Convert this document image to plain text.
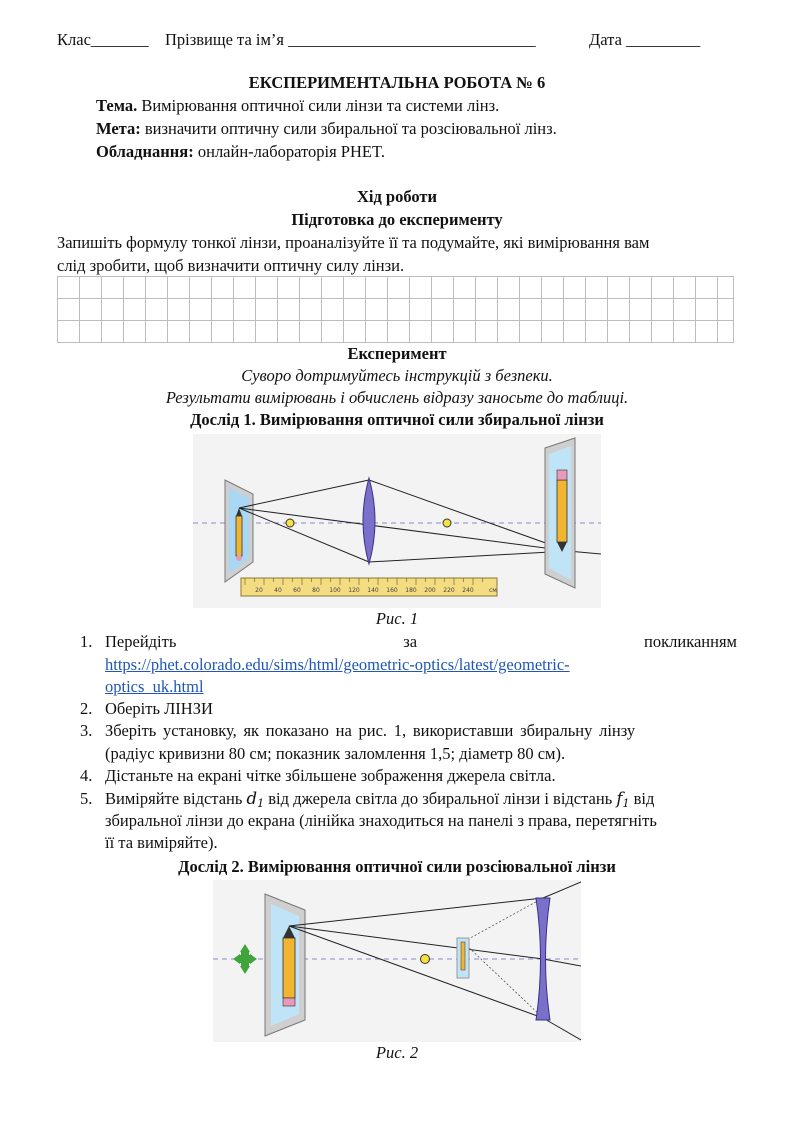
Клас_______ Прізвище та ім’я ______________________________	Дата _________
ЕКСПЕРИМЕНТАЛЬНА РОБОТА № 6
Тема. Вимірювання оптичної сили лінзи та системи лінз.
Мета: визначити оптичну сили збиральної та розсіювальної лінз.
Обладнання: онлайн-лабораторія PHET.
Хід роботи
Підготовка до експерименту
Запишіть формулу тонкої лінзи, проаналізуйте її та подумайте, які вимірювання вам
слід зробити, щоб визначити оптичну силу лінзи.
Експеримент
Суворо дотримуйтесь інструкцій з безпеки.
Результати вимірювань і обчислень відразу заносьте до таблиці.
Дослід 1. Вимірювання оптичної сили збиральної лінзи
20 40 60 80 100 120 140 160 180 200 220 240	см
Рис. 1
1. Перейдіть	за	покликанням
https://phet.colorado.edu/sims/html/geometric-optics/latest/geometric-
optics_uk.html
2. Оберіть ЛІНЗИ
3. Зберіть установку, як показано на рис. 1, використавши збиральну лінзу
(радіус кривизни 80 см; показник заломлення 1,5; діаметр 80 см).
4. Дістаньте на екрані чітке збільшене зображення джерела світла.
5. Виміряйте відстань $d_1$ від джерела світла до збиральної лінзи і відстань $f_1$ від
збиральної лінзи до екрана (лінійка знаходиться на панелі з права, перетягніть
її та виміряйте).
Дослід 2. Вимірювання оптичної сили розсіювальної лінзи
Рис. 2
